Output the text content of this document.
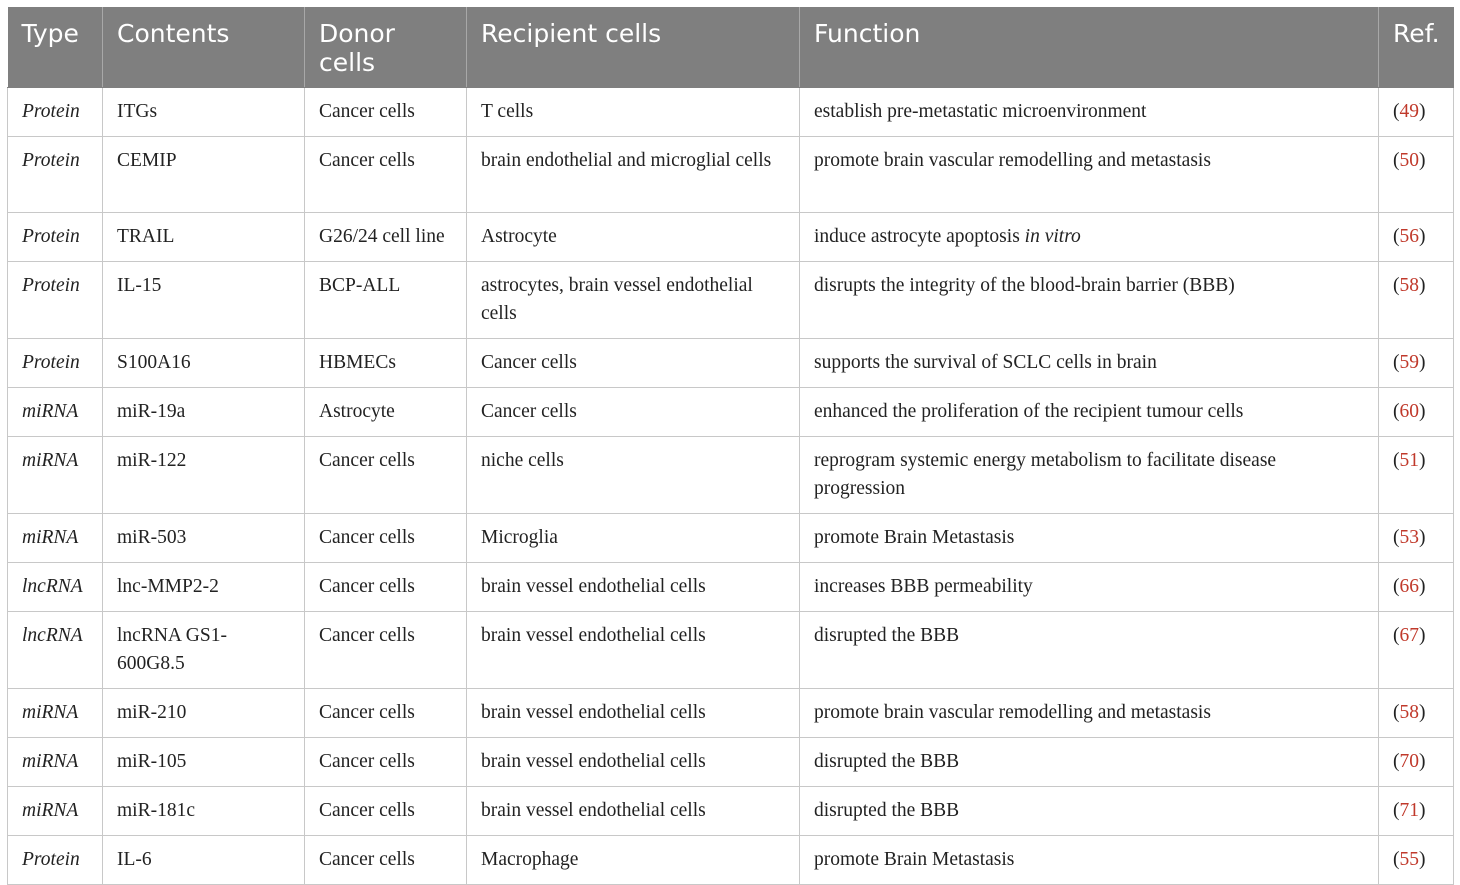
Type	Contents	Donor cells	Recipient cells	Function	Ref.
Protein	ITGs	Cancer cells	T cells	establish pre-metastatic microenvironment	(49)
Protein	CEMIP	Cancer cells	brain endothelial and microglial cells	promote brain vascular remodelling and metastasis	(50)
Protein	TRAIL	G26/24 cell line	Astrocyte	induce astrocyte apoptosis in vitro	(56)
Protein	IL-15	BCP-ALL	astrocytes, brain vessel endothelial cells	disrupts the integrity of the blood-brain barrier (BBB)	(58)
Protein	S100A16	HBMECs	Cancer cells	supports the survival of SCLC cells in brain	(59)
miRNA	miR-19a	Astrocyte	Cancer cells	enhanced the proliferation of the recipient tumour cells	(60)
miRNA	miR-122	Cancer cells	niche cells	reprogram systemic energy metabolism to facilitate disease progression	(51)
miRNA	miR-503	Cancer cells	Microglia	promote Brain Metastasis	(53)
lncRNA	lnc-MMP2-2	Cancer cells	brain vessel endothelial cells	increases BBB permeability	(66)
lncRNA	lncRNA GS1-600G8.5	Cancer cells	brain vessel endothelial cells	disrupted the BBB	(67)
miRNA	miR-210	Cancer cells	brain vessel endothelial cells	promote brain vascular remodelling and metastasis	(58)
miRNA	miR-105	Cancer cells	brain vessel endothelial cells	disrupted the BBB	(70)
miRNA	miR-181c	Cancer cells	brain vessel endothelial cells	disrupted the BBB	(71)
Protein	IL-6	Cancer cells	Macrophage	promote Brain Metastasis	(55)
